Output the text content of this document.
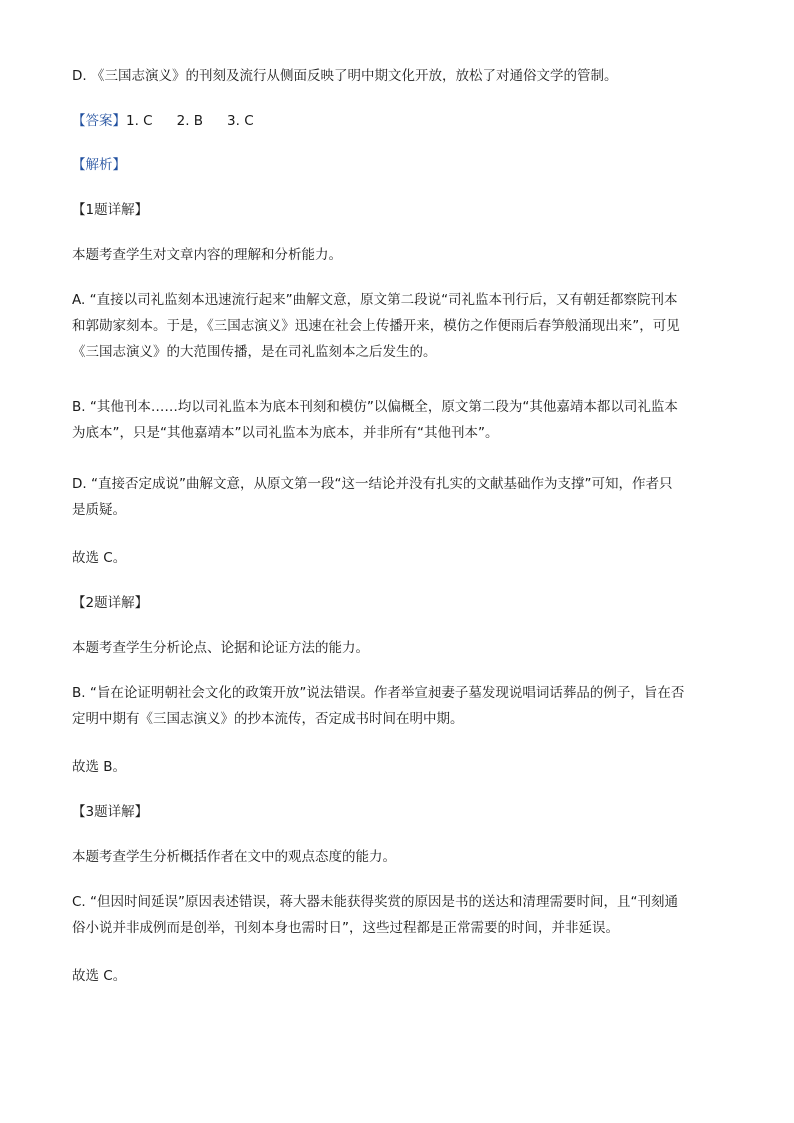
D. 《三国志演义》的刊刻及流行从侧面反映了明中期文化开放，放松了对通俗文学的管制。
【答案】1. C 2. B 3. C
【解析】
【1题详解】
本题考查学生对文章内容的理解和分析能力。
A. “直接以司礼监刻本迅速流行起来”曲解文意，原文第二段说“司礼监本刊行后，又有朝廷都察院刊本
和郭勋家刻本。于是，《三国志演义》迅速在社会上传播开来，模仿之作便雨后春笋般涌现出来”，可见
《三国志演义》的大范围传播，是在司礼监刻本之后发生的。
B. “其他刊本……均以司礼监本为底本刊刻和模仿”以偏概全，原文第二段为“其他嘉靖本都以司礼监本
为底本”，只是“其他嘉靖本”以司礼监本为底本，并非所有“其他刊本”。
D. “直接否定成说”曲解文意，从原文第一段“这一结论并没有扎实的文献基础作为支撑”可知，作者只
是质疑。
故选 C。
【2题详解】
本题考查学生分析论点、论据和论证方法的能力。
B. “旨在论证明朝社会文化的政策开放”说法错误。作者举宣昶妻子墓发现说唱词话葬品的例子，旨在否
定明中期有《三国志演义》的抄本流传，否定成书时间在明中期。
故选 B。
【3题详解】
本题考查学生分析概括作者在文中的观点态度的能力。
C. “但因时间延误”原因表述错误，蒋大器未能获得奖赏的原因是书的送达和清理需要时间，且“刊刻通
俗小说并非成例而是创举，刊刻本身也需时日”，这些过程都是正常需要的时间，并非延误。
故选 C。
